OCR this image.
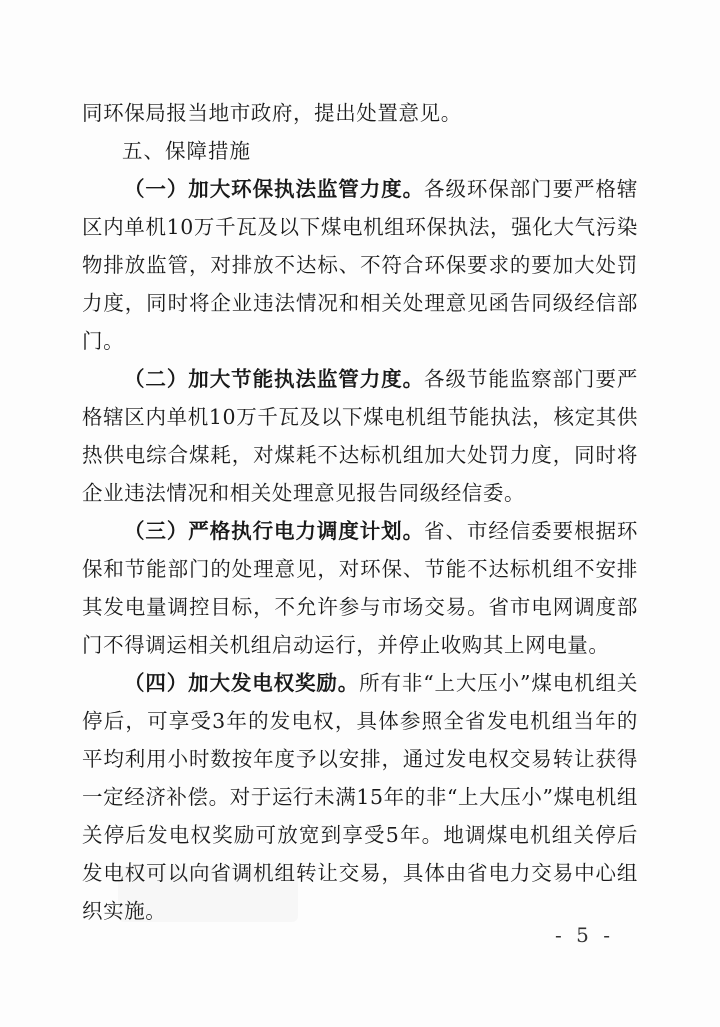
同环保局报当地市政府，提出处置意见。

五、保障措施

（一）加大环保执法监管力度。各级环保部门要严格辖区内单机10万千瓦及以下煤电机组环保执法，强化大气污染物排放监管，对排放不达标、不符合环保要求的要加大处罚力度，同时将企业违法情况和相关处理意见函告同级经信部门。

（二）加大节能执法监管力度。各级节能监察部门要严格辖区内单机10万千瓦及以下煤电机组节能执法，核定其供热供电综合煤耗，对煤耗不达标机组加大处罚力度，同时将企业违法情况和相关处理意见报告同级经信委。

（三）严格执行电力调度计划。省、市经信委要根据环保和节能部门的处理意见，对环保、节能不达标机组不安排其发电量调控目标，不允许参与市场交易。省市电网调度部门不得调运相关机组启动运行，并停止收购其上网电量。

（四）加大发电权奖励。所有非“上大压小”煤电机组关停后，可享受3年的发电权，具体参照全省发电机组当年的平均利用小时数按年度予以安排，通过发电权交易转让获得一定经济补偿。对于运行未满15年的非“上大压小”煤电机组关停后发电权奖励可放宽到享受5年。地调煤电机组关停后发电权可以向省调机组转让交易，具体由省电力交易中心组织实施。

- 5 -
